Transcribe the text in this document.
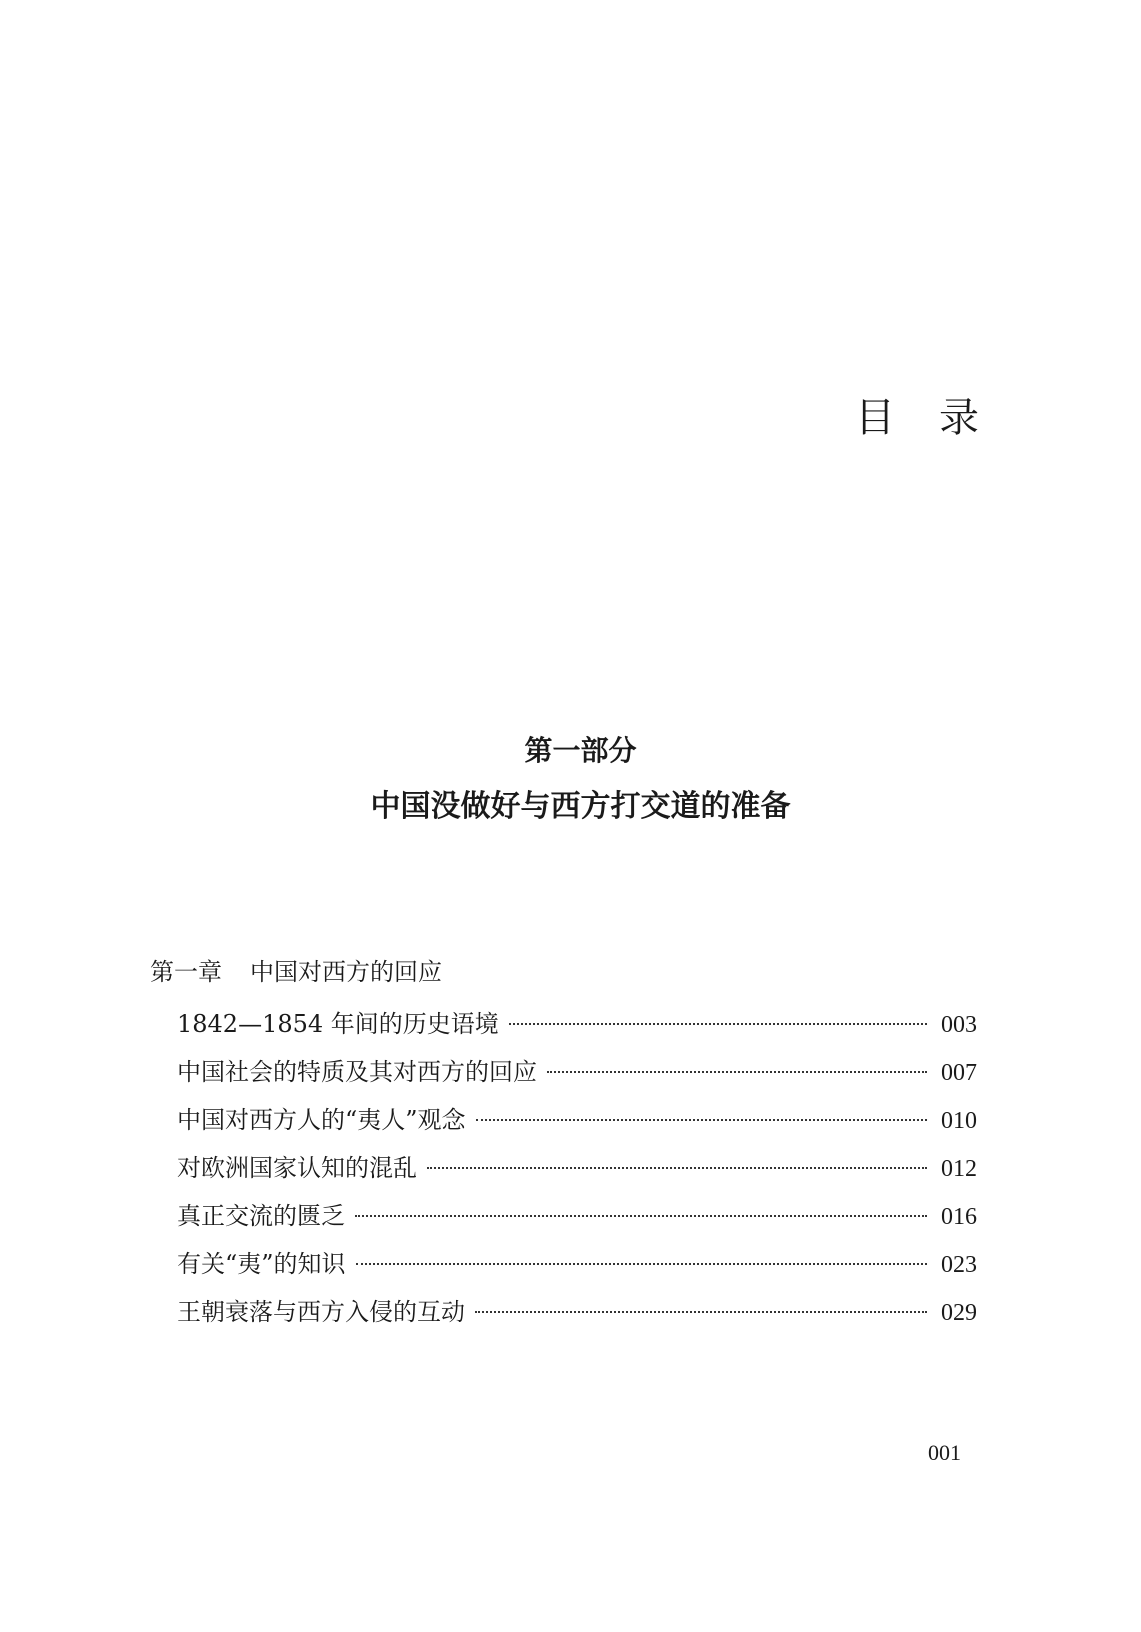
目录
第一部分
中国没做好与西方打交道的准备
第一章 中国对西方的回应
1842—1854 年间的历史语境	003
中国社会的特质及其对西方的回应	007
中国对西方人的“夷人”观念	010
对欧洲国家认知的混乱	012
真正交流的匮乏	016
有关“夷”的知识	023
王朝衰落与西方入侵的互动	029
001
